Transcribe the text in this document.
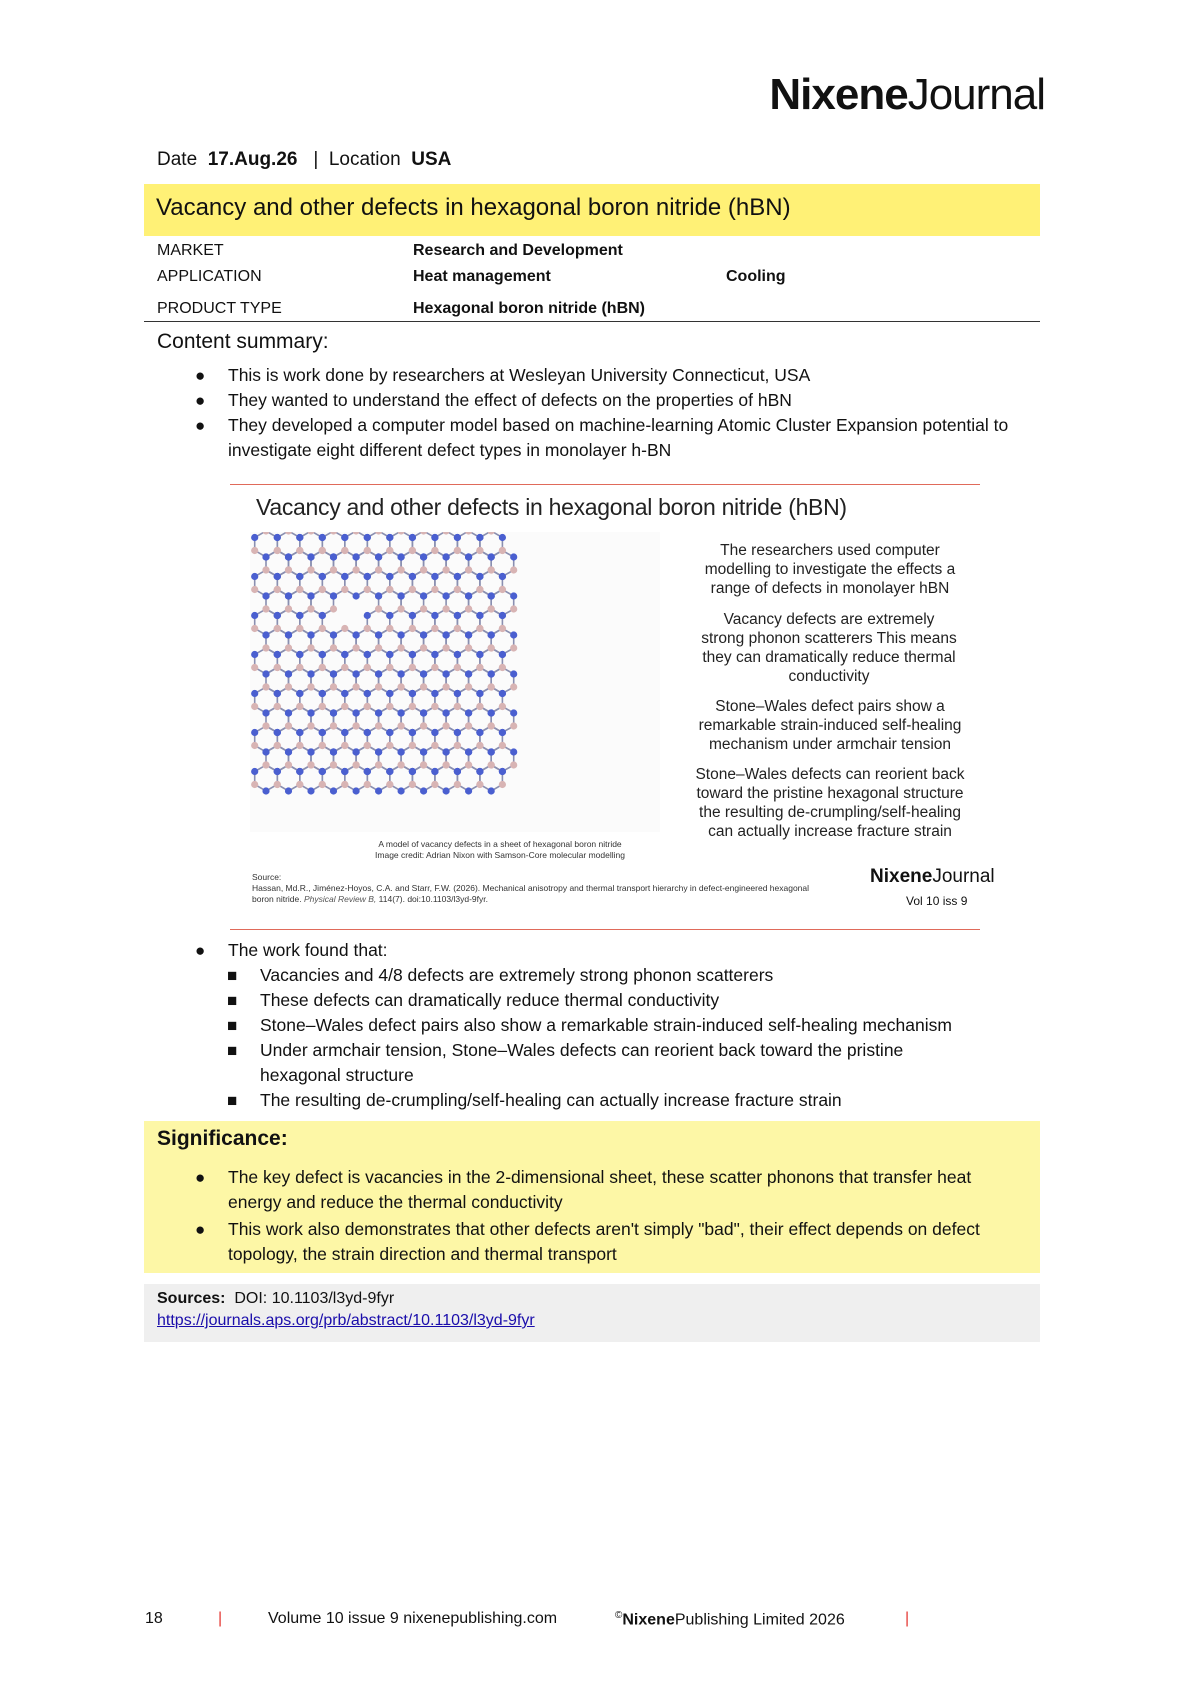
NixeneJournal
Date 17.Aug.26 | Location USA
Vacancy and other defects in hexagonal boron nitride (hBN)
MARKET	Research and Development
APPLICATION	Heat management	Cooling
PRODUCT TYPE	Hexagonal boron nitride (hBN)
Content summary:
● This is work done by researchers at Wesleyan University Connecticut, USA
● They wanted to understand the effect of defects on the properties of hBN
● They developed a computer model based on machine-learning Atomic Cluster Expansion potential to investigate eight different defect types in monolayer h-BN
Vacancy and other defects in hexagonal boron nitride (hBN)
The researchers used computer modelling to investigate the effects a range of defects in monolayer hBN
Vacancy defects are extremely strong phonon scatterers This means they can dramatically reduce thermal conductivity
Stone–Wales defect pairs show a remarkable strain-induced self-healing mechanism under armchair tension
Stone–Wales defects can reorient back toward the pristine hexagonal structure the resulting de-crumpling/self-healing can actually increase fracture strain
A model of vacancy defects in a sheet of hexagonal boron nitride
Image credit: Adrian Nixon with Samson-Core molecular modelling
Source:
Hassan, Md.R., Jiménez-Hoyos, C.A. and Starr, F.W. (2026). Mechanical anisotropy and thermal transport hierarchy in defect-engineered hexagonal boron nitride. Physical Review B, 114(7). doi:10.1103/l3yd-9fyr.
NixeneJournal
Vol 10 iss 9
● The work found that:
■ Vacancies and 4/8 defects are extremely strong phonon scatterers
■ These defects can dramatically reduce thermal conductivity
■ Stone–Wales defect pairs also show a remarkable strain-induced self-healing mechanism
■ Under armchair tension, Stone–Wales defects can reorient back toward the pristine hexagonal structure
■ The resulting de-crumpling/self-healing can actually increase fracture strain
Significance:
● The key defect is vacancies in the 2-dimensional sheet, these scatter phonons that transfer heat energy and reduce the thermal conductivity
● This work also demonstrates that other defects aren't simply "bad", their effect depends on defect topology, the strain direction and thermal transport
Sources: DOI: 10.1103/l3yd-9fyr
https://journals.aps.org/prb/abstract/10.1103/l3yd-9fyr
18	|	Volume 10 issue 9 nixenepublishing.com	©NixenePublishing Limited 2026	|
